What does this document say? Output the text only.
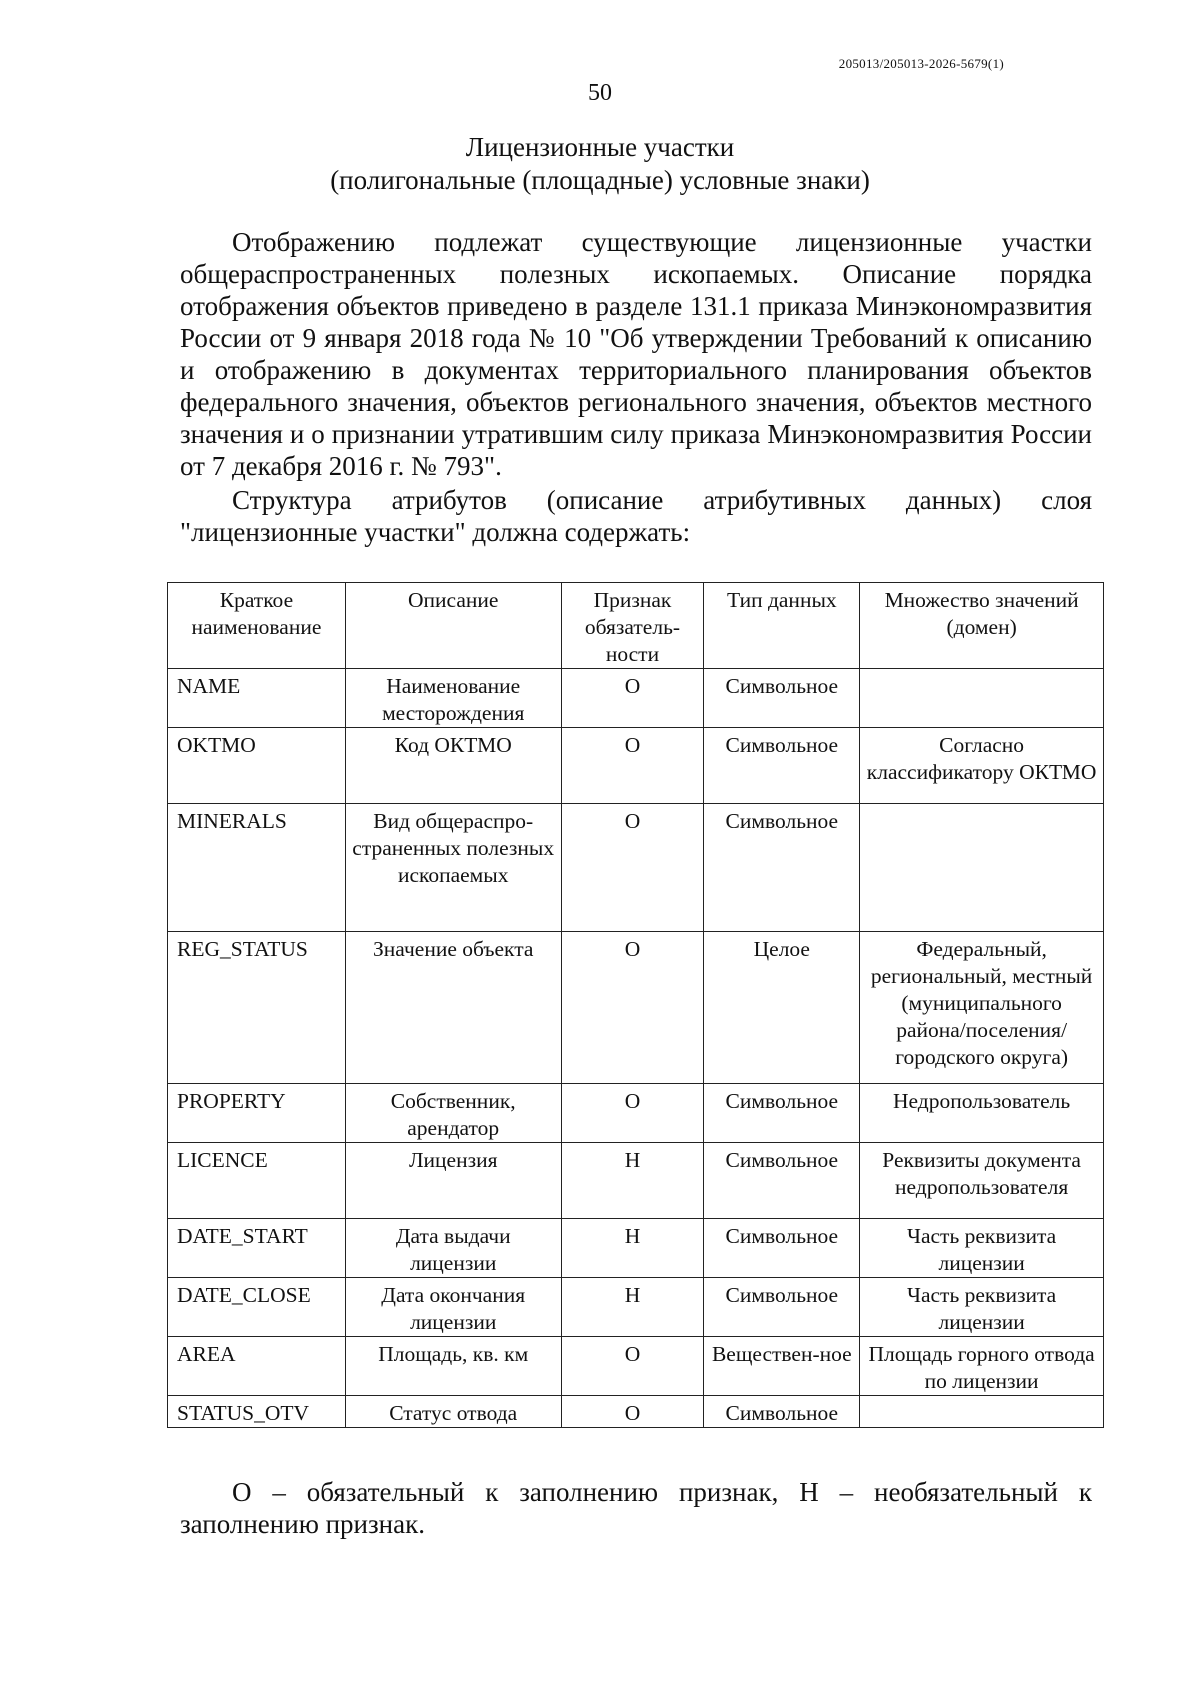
205013/205013-2026-5679(1)
50
Лицензионные участки
(полигональные (площадные) условные знаки)

Отображению подлежат существующие лицензионные участки общераспространенных полезных ископаемых. Описание порядка отображения объектов приведено в разделе 131.1 приказа Минэкономразвития России от 9 января 2018 года № 10 "Об утверждении Требований к описанию и отображению в документах территориального планирования объектов федерального значения, объектов регионального значения, объектов местного значения и о признании утратившим силу приказа Минэкономразвития России от 7 декабря 2016 г. № 793".

Структура атрибутов (описание атрибутивных данных) слоя "лицензионные участки" должна содержать:

Краткое наименование	Описание	Признак обязатель-ности	Тип данных	Множество значений (домен)
NAME	Наименование месторождения	О	Символьное	
OKTMO	Код ОКТМО	О	Символьное	Согласно классификатору ОКТМО
MINERALS	Вид общераспро-страненных полезных ископаемых	О	Символьное	
REG_STATUS	Значение объекта	О	Целое	Федеральный, региональный, местный (муниципального района/поселения/ городского округа)
PROPERTY	Собственник, арендатор	О	Символьное	Недропользователь
LICENCE	Лицензия	Н	Символьное	Реквизиты документа недропользователя
DATE_START	Дата выдачи лицензии	Н	Символьное	Часть реквизита лицензии
DATE_CLOSE	Дата окончания лицензии	Н	Символьное	Часть реквизита лицензии
AREA	Площадь, кв. км	О	Веществен-ное	Площадь горного отвода по лицензии
STATUS_OTV	Статус отвода	О	Символьное	

О – обязательный к заполнению признак, Н – необязательный к заполнению признак.
